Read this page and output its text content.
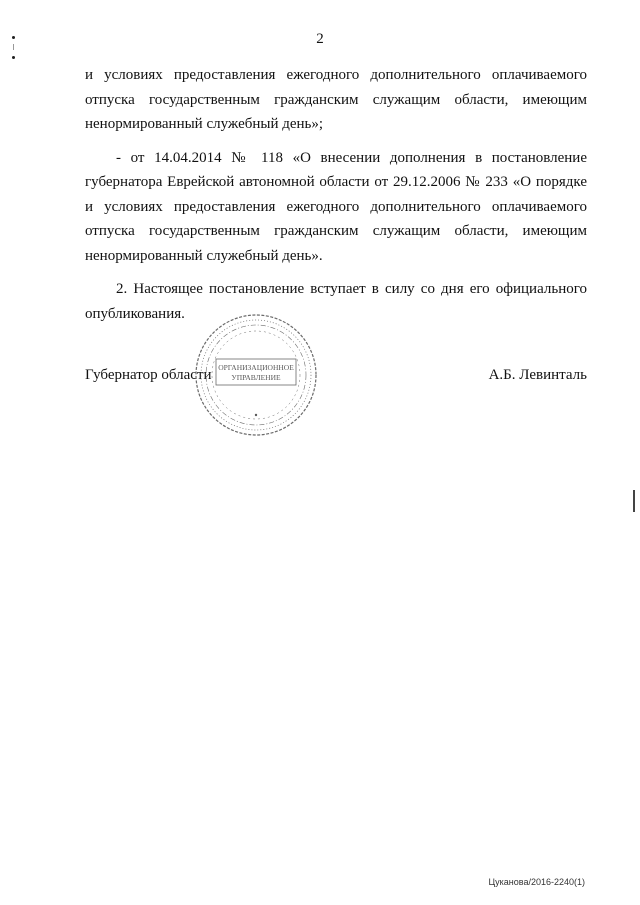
2

и условиях предоставления ежегодного дополнительного оплачиваемого отпуска государственным гражданским служащим области, имеющим ненормированный служебный день»;

- от 14.04.2014 № 118 «О внесении дополнения в постановление губернатора Еврейской автономной области от 29.12.2006 № 233 «О порядке и условиях предоставления ежегодного дополнительного оплачиваемого отпуска государственным гражданским служащим области, имеющим ненормированный служебный день».

2. Настоящее постановление вступает в силу со дня его официального опубликования.

Губернатор области	А.Б. Левинталь
ОРГАНИЗАЦИОННОЕ
УПРАВЛЕНИЕ
Цуканова/2016-2240(1)
